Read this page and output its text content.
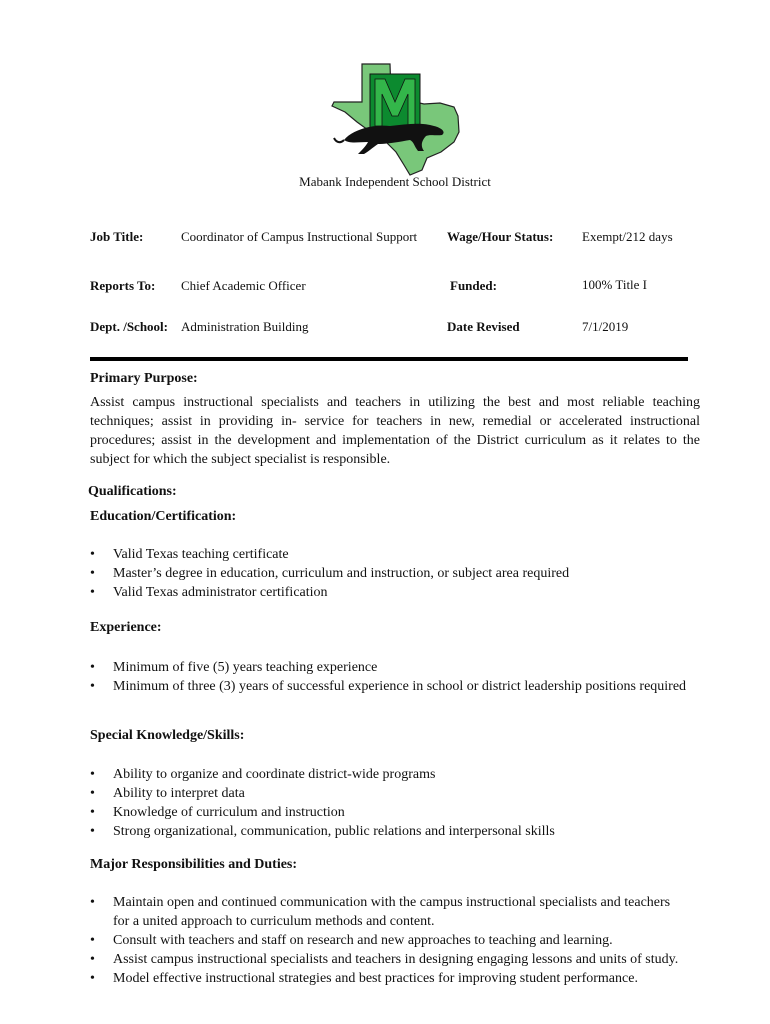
Mabank Independent School District
Job Title:	Coordinator of Campus Instructional Support Wage/Hour Status: Exempt/212 days
Reports To: Chief Academic Officer	Funded:	100% Title I
Dept. /School: Administration Building	Date Revised	7/1/2019
Primary Purpose:

Assist campus instructional specialists and teachers in utilizing the best and most reliable teaching techniques; assist in providing in- service for teachers in new, remedial or accelerated instructional procedures; assist in the development and implementation of the District curriculum as it relates to the subject for which the subject specialist is responsible.

Qualifications:
Education/Certification:
• Valid Texas teaching certificate
• Master’s degree in education, curriculum and instruction, or subject area required
• Valid Texas administrator certification
Experience:
• Minimum of five (5) years teaching experience
• Minimum of three (3) years of successful experience in school or district leadership positions required
Special Knowledge/Skills:
• Ability to organize and coordinate district-wide programs
• Ability to interpret data
• Knowledge of curriculum and instruction
• Strong organizational, communication, public relations and interpersonal skills
Major Responsibilities and Duties:
• Maintain open and continued communication with the campus instructional specialists and teachers for a united approach to curriculum methods and content.
• Consult with teachers and staff on research and new approaches to teaching and learning.
• Assist campus instructional specialists and teachers in designing engaging lessons and units of study.
• Model effective instructional strategies and best practices for improving student performance.
